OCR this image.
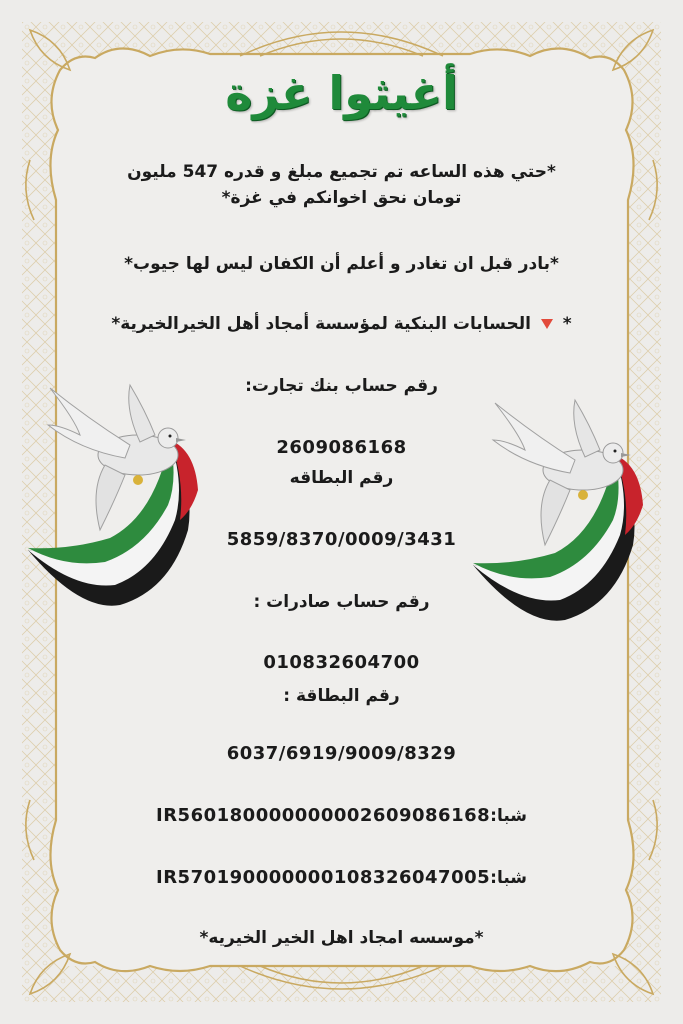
أغيثوا غزة
*حتي هذه الساعه تم تجميع مبلغ و قدره 547 مليون
تومان نحق اخوانكم في غزة*
*بادر قبل ان تغادر و أعلم أن الكفان ليس لها جيوب*
*  الحسابات البنكية لمؤسسة أمجاد أهل الخيرالخيرية*
رقم حساب بنك تجارت:
2609086168
رقم البطاقه
5859/8370/0009/3431
رقم حساب صادرات :
010832604700
رقم البطاقة :
6037/6919/9009/8329
شبا:IR560180000000002609086168
شبا:IR570190000000108326047005
*موسسه امجاد اهل الخير الخيريه*
